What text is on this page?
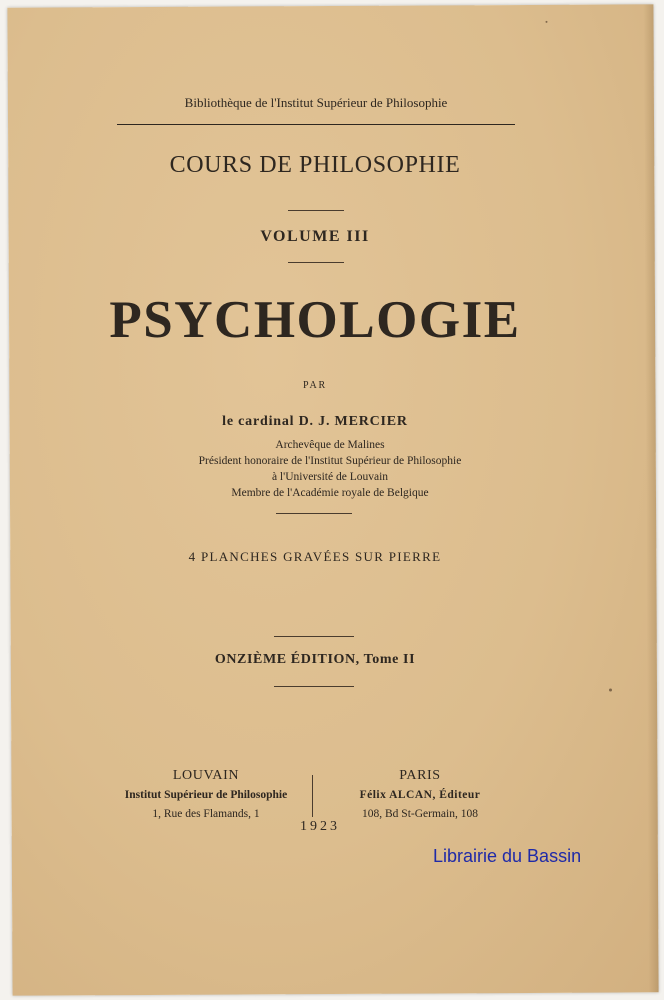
Bibliothèque de l'Institut Supérieur de Philosophie
COURS DE PHILOSOPHIE
VOLUME III
PSYCHOLOGIE
PAR
le cardinal D. J. MERCIER
Archevêque de Malines
Président honoraire de l'Institut Supérieur de Philosophie
à l'Université de Louvain
Membre de l'Académie royale de Belgique
4 PLANCHES GRAVÉES SUR PIERRE
ONZIÈME ÉDITION, Tome II
LOUVAIN
Institut Supérieur de Philosophie
1, Rue des Flamands, 1
PARIS
Félix ALCAN, Éditeur
108, Bd St-Germain, 108
1923
Librairie du Bassin
